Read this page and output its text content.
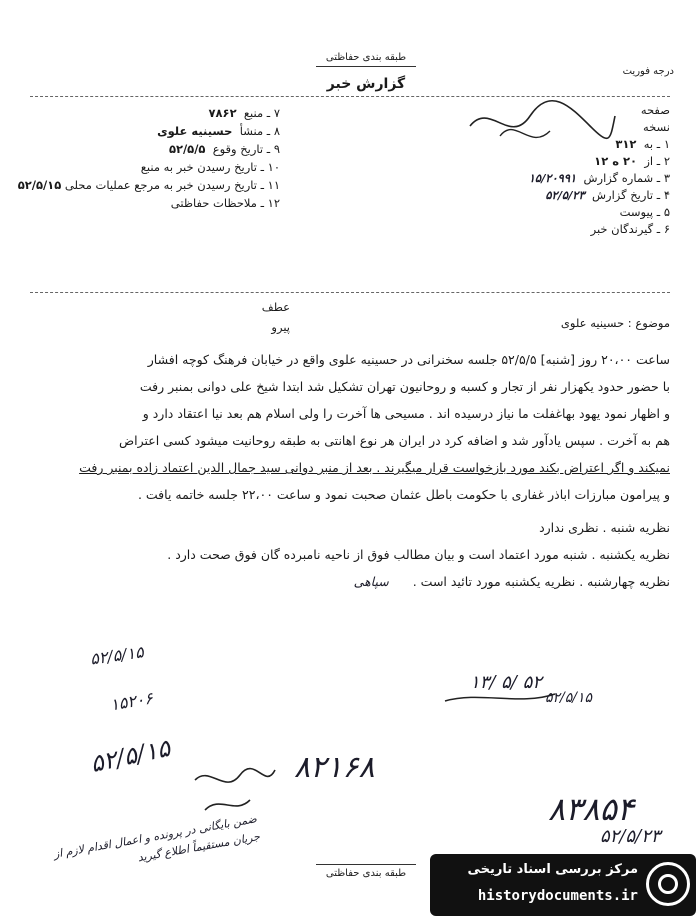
طبقه بندی حفاظتی
گزارش خبر
درجه فوریت
۷ ـ منبع  ۷۸۶۲
۸ ـ منشأ  حسینیه علوی
۹ ـ تاریخ وقوع  ۵۲/۵/۵
۱۰ ـ تاریخ رسیدن خبر به منبع
۱۱ ـ تاریخ رسیدن خبر به مرجع عملیات محلی ۵۲/۵/۱۵
۱۲ ـ ملاحظات حفاظتی
صفحه
نسخه
۱ ـ به  ۳۱۲
۲ ـ از  ۲۰ ه ۱۲
۳ ـ شماره گزارش  ۱۵/۲۰۹۹۱
۴ ـ تاریخ گزارش  ۵۲/۵/۲۳
۵ ـ پیوست
۶ ـ گیرندگان خبر
موضوع : حسینیه علوی
عطف
پیرو
ساعت ۲۰،۰۰ روز [شنبه] ۵۲/۵/۵ جلسه سخنرانی در حسینیه علوی واقع در خیابان فرهنگ کوچه افشار
با حضور حدود یکهزار نفر از تجار و کسبه و روحانیون تهران تشکیل شد ابتدا شیخ علی دوانی بمنبر رفت
و اظهار نمود یهود بهاغفلت ما نیاز درسیده اند . مسیحی ها آخرت را ولی اسلام هم بعد نیا اعتقاد دارد و
هم به آخرت . سپس یادآور شد و اضافه کرد در ایران هر نوع اهانتی به طبقه روحانیت میشود کسی اعتراض
نمیکند و اگر اعتراض بکند مورد بازخواست قرار میگیرند . بعد از منبر دوانی سید جمال الدین اعتماد زاده بمنبر رفت
و پیرامون مبارزات اباذر غفاری با حکومت باطل عثمان صحبت نمود و ساعت ۲۲،۰۰ جلسه خاتمه یافت .
نظریه شنبه . نظری ندارد
نظریه یکشنبه . شنبه مورد اعتماد است و بیان مطالب فوق از ناحیه نامبرده گان فوق صحت دارد .
نظریه چهارشنبه . نظریه یکشنبه مورد تائید است . سپاهی
۱۳/ ۵/ ۵۲
۵۲/۵/۱۵
۵۲/۵/۱۵
۱۵۲۰۶
۵۲/۵/۱۵	۸۲۱۶۸
۸۳۸۵۴
۵۲/۵/۲۳
ضمن بایگانی در پرونده و اعمال اقدام لازم از جریان مستقیماً اطلاع گیرید
طبقه بندی حفاظتی	مرکز بررسی اسناد تاریخی
historydocuments.ir
